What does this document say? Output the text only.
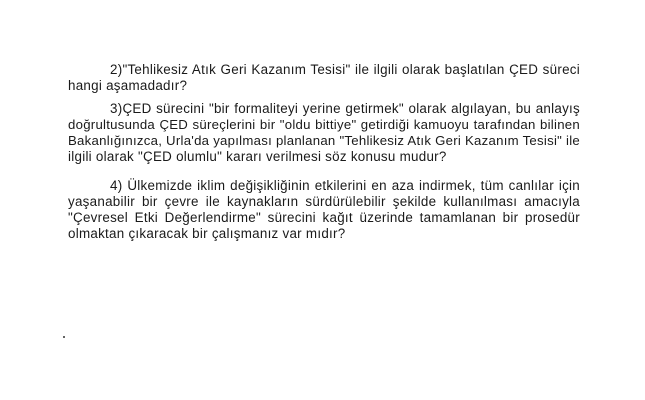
2)"Tehlikesiz Atık Geri Kazanım Tesisi" ile ilgili olarak başlatılan ÇED süreci
hangi aşamadadır?
3)ÇED sürecini "bir formaliteyi yerine getirmek" olarak algılayan, bu anlayış
doğrultusunda ÇED süreçlerini bir "oldu bittiye" getirdiği kamuoyu tarafından bilinen
Bakanlığınızca, Urla'da yapılması planlanan "Tehlikesiz Atık Geri Kazanım Tesisi" ile
ilgili olarak "ÇED olumlu" kararı verilmesi söz konusu mudur?
4) Ülkemizde iklim değişikliğinin etkilerini en aza indirmek, tüm canlılar için
yaşanabilir bir çevre ile kaynakların sürdürülebilir şekilde kullanılması amacıyla
"Çevresel Etki Değerlendirme" sürecini kağıt üzerinde tamamlanan bir prosedür
olmaktan çıkaracak bir çalışmanız var mıdır?
